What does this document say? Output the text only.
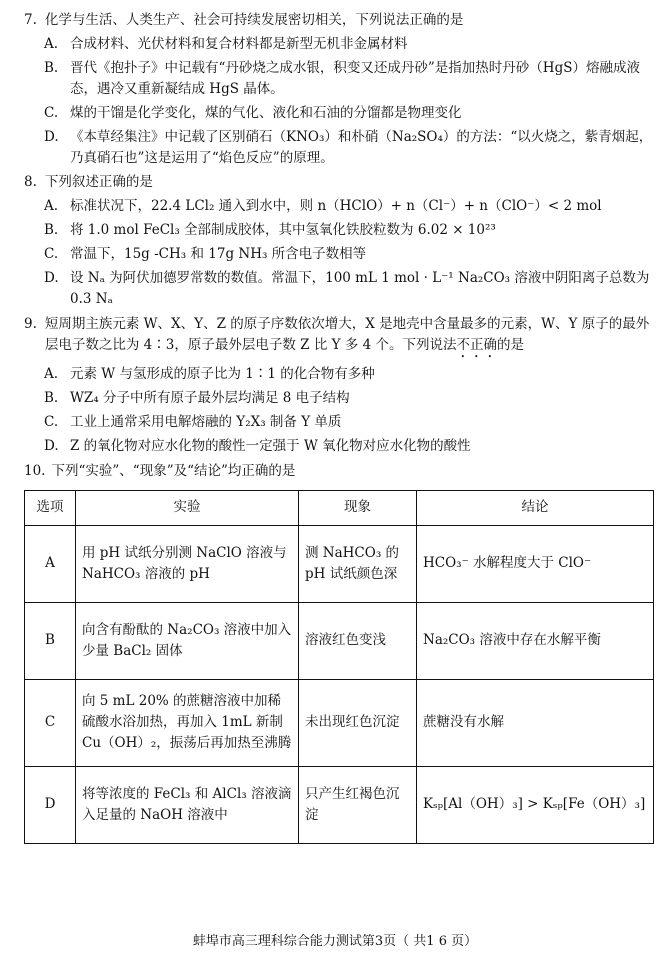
7. 化学与生活、人类生产、社会可持续发展密切相关，下列说法正确的是
A. 合成材料、光伏材料和复合材料都是新型无机非金属材料
B. 晋代《抱扑子》中记载有“丹砂烧之成水银，积变又还成丹砂”是指加热时丹砂（HgS）熔融成液态，遇冷又重新凝结成 HgS 晶体。
C. 煤的干馏是化学变化，煤的气化、液化和石油的分馏都是物理变化
D. 《本草经集注》中记载了区别硝石（KNO₃）和朴硝（Na₂SO₄）的方法：“以火烧之，紫青烟起，乃真硝石也”这是运用了“焰色反应”的原理。
8. 下列叙述正确的是
A. 标准状况下，22.4 LCl₂ 通入到水中，则 n（HClO）+ n（Cl⁻）+ n（ClO⁻）< 2 mol
B. 将 1.0 mol FeCl₃ 全部制成胶体，其中氢氧化铁胶粒数为 6.02 × 10²³
C. 常温下，15g -CH₃ 和 17g NH₃ 所含电子数相等
D. 设 Nₐ 为阿伏加德罗常数的数值。常温下，100 mL 1 mol · L⁻¹ Na₂CO₃ 溶液中阴阳离子总数为 0.3 Nₐ
9. 短周期主族元素 W、X、Y、Z 的原子序数依次增大，X 是地壳中含量最多的元素，W、Y 原子的最外层电子数之比为 4∶3，原子最外层电子数 Z 比 Y 多 4 个。下列说法不正确的是
A. 元素 W 与氢形成的原子比为 1∶1 的化合物有多种
B. WZ₄ 分子中所有原子最外层均满足 8 电子结构
C. 工业上通常采用电解熔融的 Y₂X₃ 制备 Y 单质
D. Z 的氧化物对应水化物的酸性一定强于 W 氧化物对应水化物的酸性
10. 下列“实验”、“现象”及“结论”均正确的是
选项	实验	现象	结论
A	用 pH 试纸分别测 NaClO 溶液与 NaHCO₃ 溶液的 pH	测 NaHCO₃ 的 pH 试纸颜色深	HCO₃⁻ 水解程度大于 ClO⁻
B	向含有酚酞的 Na₂CO₃ 溶液中加入少量 BaCl₂ 固体	溶液红色变浅	Na₂CO₃ 溶液中存在水解平衡
C	向 5 mL 20% 的蔗糖溶液中加稀硫酸水浴加热，再加入 1mL 新制 Cu（OH）₂，振荡后再加热至沸腾	未出现红色沉淀	蔗糖没有水解
D	将等浓度的 FeCl₃ 和 AlCl₃ 溶液滴入足量的 NaOH 溶液中	只产生红褐色沉淀	Kₛₚ[Al（OH）₃] > Kₛₚ[Fe（OH）₃]
蚌埠市高三理科综合能力测试第3页（ 共1 6 页）
